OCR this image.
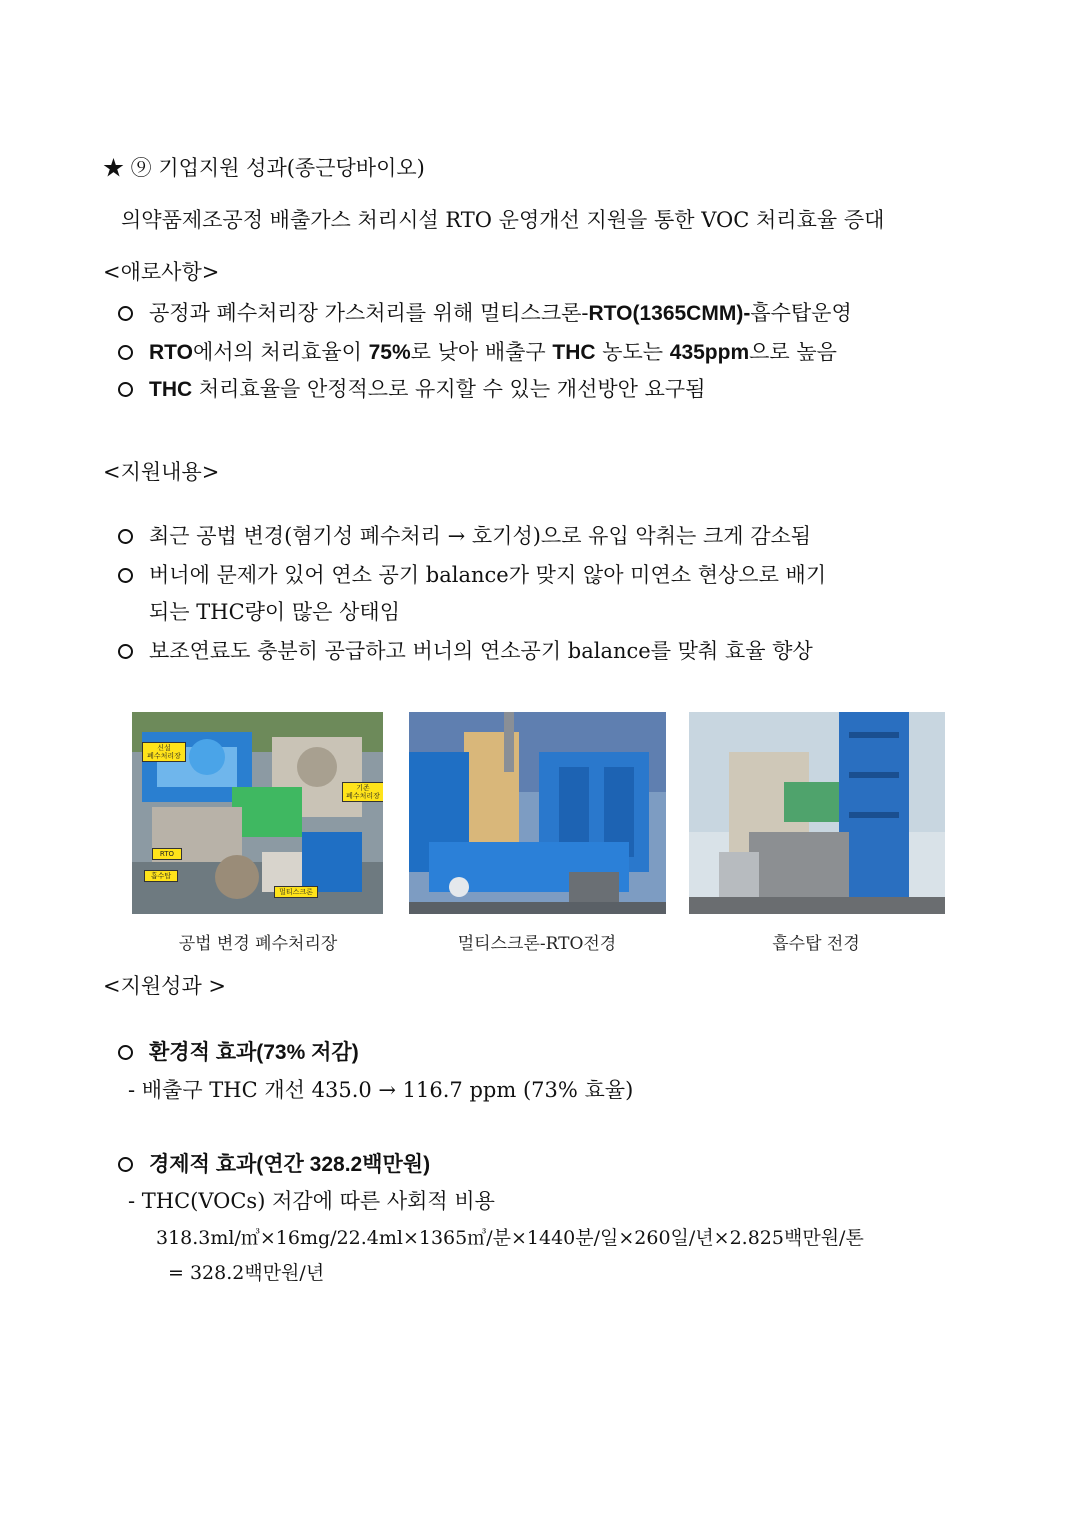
★ ⑨ 기업지원 성과(종근당바이오)
의약품제조공정 배출가스 처리시설 RTO 운영개선 지원을 통한 VOC 처리효율 증대
<애로사항>
공정과 폐수처리장 가스처리를 위해 멀티스크론-RTO(1365CMM)-흡수탑운영
RTO에서의 처리효율이 75%로 낮아 배출구 THC 농도는 435ppm으로 높음
THC 처리효율을 안정적으로 유지할 수 있는 개선방안 요구됨
<지원내용>
최근 공법 변경(혐기성 폐수처리 → 호기성)으로 유입 악취는 크게 감소됨
버너에 문제가 있어 연소 공기 balance가 맞지 않아 미연소 현상으로 배기
되는 THC량이 많은 상태임
보조연료도 충분히 공급하고 버너의 연소공기 balance를 맞춰 효율 향상
신설
폐수처리장
기존
폐수처리장
RTO
흡수탑
멀티스크론
공법 변경 폐수처리장	멀티스크론-RTO전경	흡수탑 전경
<지원성과 >
환경적 효과(73% 저감)
- 배출구 THC 개선 435.0 → 116.7 ppm (73% 효율)
경제적 효과(연간 328.2백만원)
- THC(VOCs) 저감에 따른 사회적 비용
318.3ml/㎥×16mg/22.4ml×1365㎥/분×1440분/일×260일/년×2.825백만원/톤
= 328.2백만원/년
